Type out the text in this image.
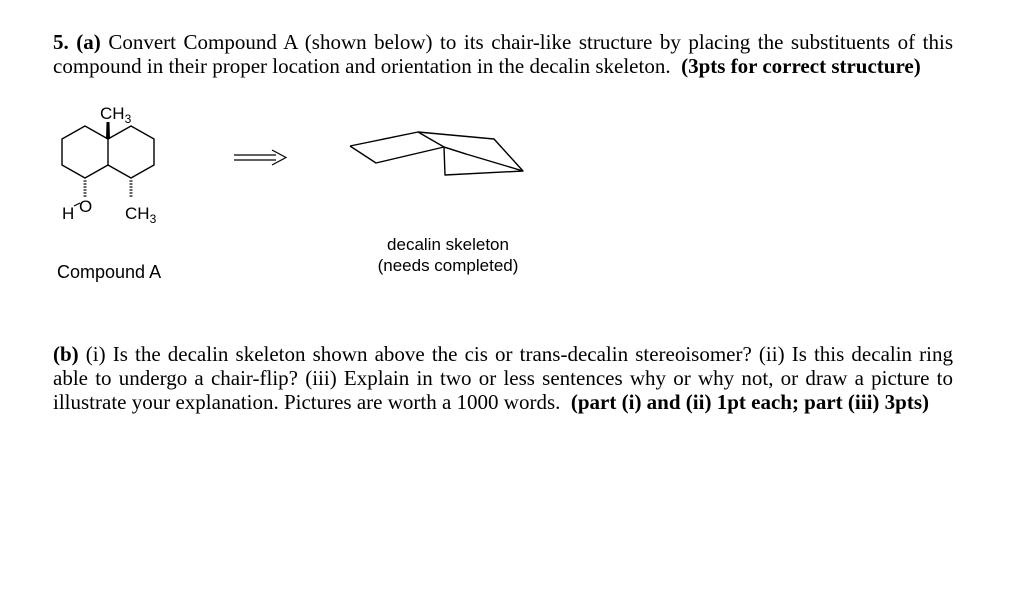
5. (a) Convert Compound A (shown below) to its chair-like structure by placing the substituents of this
compound in their proper location and orientation in the decalin skeleton. (3pts for correct structure)
$CH_3$
H O $CH_3$
Compound A
decalin skeleton
(needs completed)
(b) (i) Is the decalin skeleton shown above the cis or trans-decalin stereoisomer? (ii) Is this decalin ring
able to undergo a chair-flip? (iii) Explain in two or less sentences why or why not, or draw a picture to
illustrate your explanation. Pictures are worth a 1000 words. (part (i) and (ii) 1pt each; part (iii) 3pts)
